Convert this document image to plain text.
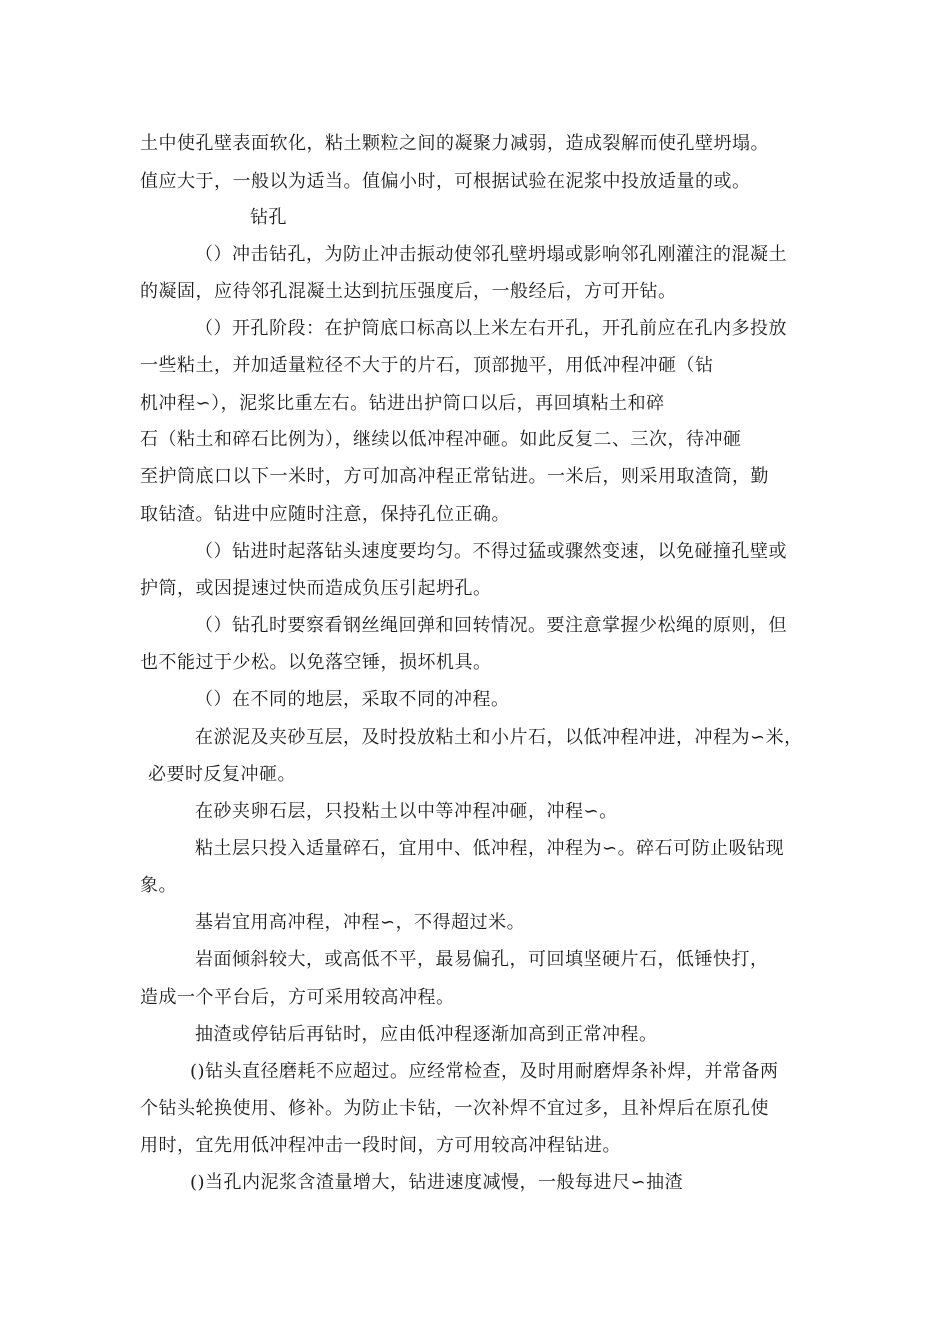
土中使孔壁表面软化，粘土颗粒之间的凝聚力减弱，造成裂解而使孔壁坍塌。
值应大于，一般以为适当。值偏小时，可根据试验在泥浆中投放适量的或。
钻孔
（）冲击钻孔，为防止冲击振动使邻孔壁坍塌或影响邻孔刚灌注的混凝土
的凝固，应待邻孔混凝土达到抗压强度后，一般经后，方可开钻。
（）开孔阶段：在护筒底口标高以上米左右开孔，开孔前应在孔内多投放
一些粘土，并加适量粒径不大于的片石，顶部抛平，用低冲程冲砸（钻
机冲程∽），泥浆比重左右。钻进出护筒口以后，再回填粘土和碎
石（粘土和碎石比例为），继续以低冲程冲砸。如此反复二、三次，待冲砸
至护筒底口以下一米时，方可加高冲程正常钻进。一米后，则采用取渣筒，勤
取钻渣。钻进中应随时注意，保持孔位正确。
（）钻进时起落钻头速度要均匀。不得过猛或骤然变速，以免碰撞孔壁或
护筒，或因提速过快而造成负压引起坍孔。
（）钻孔时要察看钢丝绳回弹和回转情况。要注意掌握少松绳的原则，但
也不能过于少松。以免落空锤，损坏机具。
（）在不同的地层，采取不同的冲程。
在淤泥及夹砂互层，及时投放粘土和小片石，以低冲程冲进，冲程为∽米，
必要时反复冲砸。
在砂夹卵石层，只投粘土以中等冲程冲砸，冲程∽。
粘土层只投入适量碎石，宜用中、低冲程，冲程为∽。碎石可防止吸钻现
象。
基岩宜用高冲程，冲程∽，不得超过米。
岩面倾斜较大，或高低不平，最易偏孔，可回填坚硬片石，低锤快打，
造成一个平台后，方可采用较高冲程。
抽渣或停钻后再钻时，应由低冲程逐渐加高到正常冲程。
()钻头直径磨耗不应超过。应经常检查，及时用耐磨焊条补焊，并常备两
个钻头轮换使用、修补。为防止卡钻，一次补焊不宜过多，且补焊后在原孔使
用时，宜先用低冲程冲击一段时间，方可用较高冲程钻进。
()当孔内泥浆含渣量增大，钻进速度减慢，一般每进尺∽抽渣
